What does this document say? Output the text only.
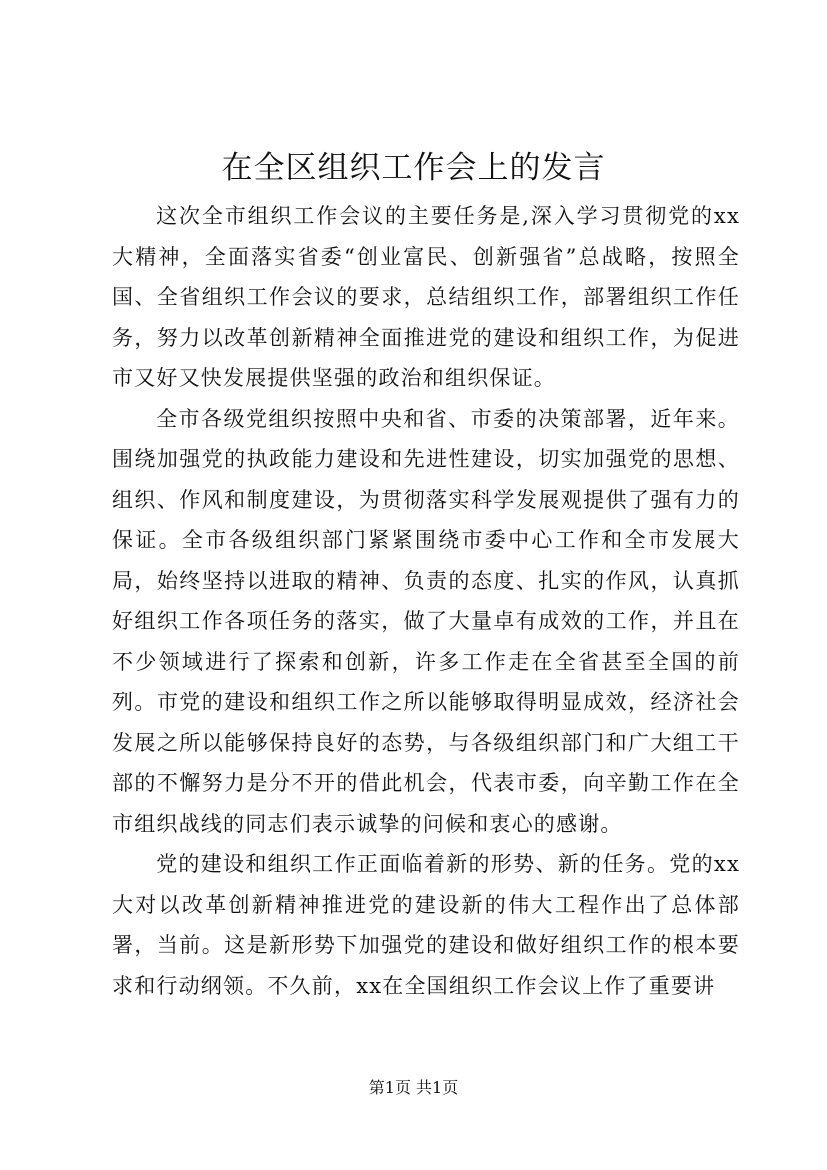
在全区组织工作会上的发言

这次全市组织工作会议的主要任务是,深入学习贯彻党的xx大精神，全面落实省委“创业富民、创新强省”总战略，按照全国、全省组织工作会议的要求，总结组织工作，部署组织工作任务，努力以改革创新精神全面推进党的建设和组织工作，为促进市又好又快发展提供坚强的政治和组织保证。

全市各级党组织按照中央和省、市委的决策部署，近年来。围绕加强党的执政能力建设和先进性建设，切实加强党的思想、组织、作风和制度建设，为贯彻落实科学发展观提供了强有力的保证。全市各级组织部门紧紧围绕市委中心工作和全市发展大局，始终坚持以进取的精神、负责的态度、扎实的作风，认真抓好组织工作各项任务的落实，做了大量卓有成效的工作，并且在不少领域进行了探索和创新，许多工作走在全省甚至全国的前列。市党的建设和组织工作之所以能够取得明显成效，经济社会发展之所以能够保持良好的态势，与各级组织部门和广大组工干部的不懈努力是分不开的借此机会，代表市委，向辛勤工作在全市组织战线的同志们表示诚挚的问候和衷心的感谢。

党的建设和组织工作正面临着新的形势、新的任务。党的xx大对以改革创新精神推进党的建设新的伟大工程作出了总体部署，当前。这是新形势下加强党的建设和做好组织工作的根本要求和行动纲领。不久前，xx在全国组织工作会议上作了重要讲

第1页 共1页
